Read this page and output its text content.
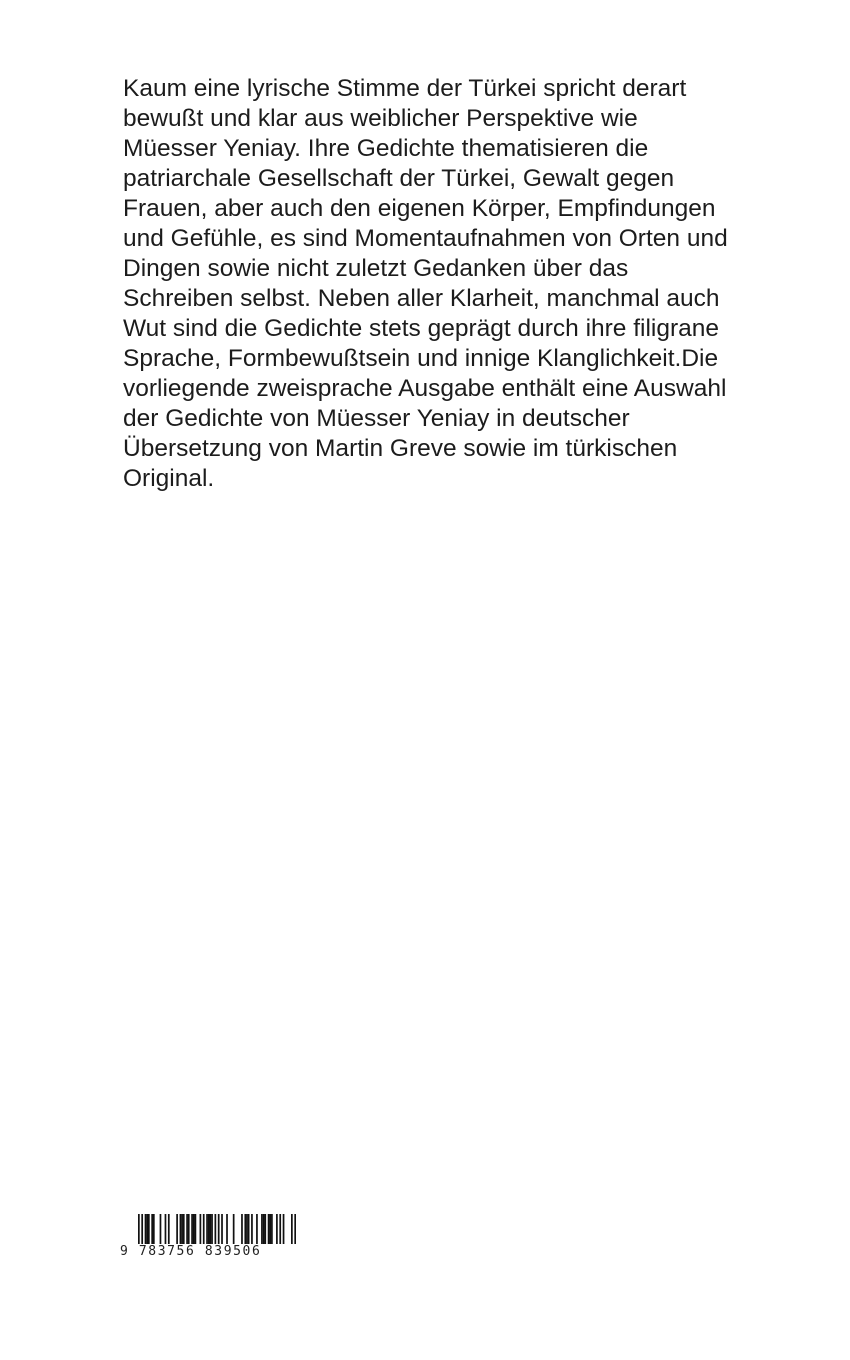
Kaum eine lyrische Stimme der Türkei spricht derart
bewußt und klar aus weiblicher Perspektive wie
Müesser Yeniay. Ihre Gedichte thematisieren die
patriarchale Gesellschaft der Türkei, Gewalt gegen
Frauen, aber auch den eigenen Körper, Empfindungen
und Gefühle, es sind Momentaufnahmen von Orten und
Dingen sowie nicht zuletzt Gedanken über das
Schreiben selbst. Neben aller Klarheit, manchmal auch
Wut sind die Gedichte stets geprägt durch ihre filigrane
Sprache, Formbewußtsein und innige Klanglichkeit.Die
vorliegende zweisprache Ausgabe enthält eine Auswahl
der Gedichte von Müesser Yeniay in deutscher
Übersetzung von Martin Greve sowie im türkischen
Original.
9 783756 839506
